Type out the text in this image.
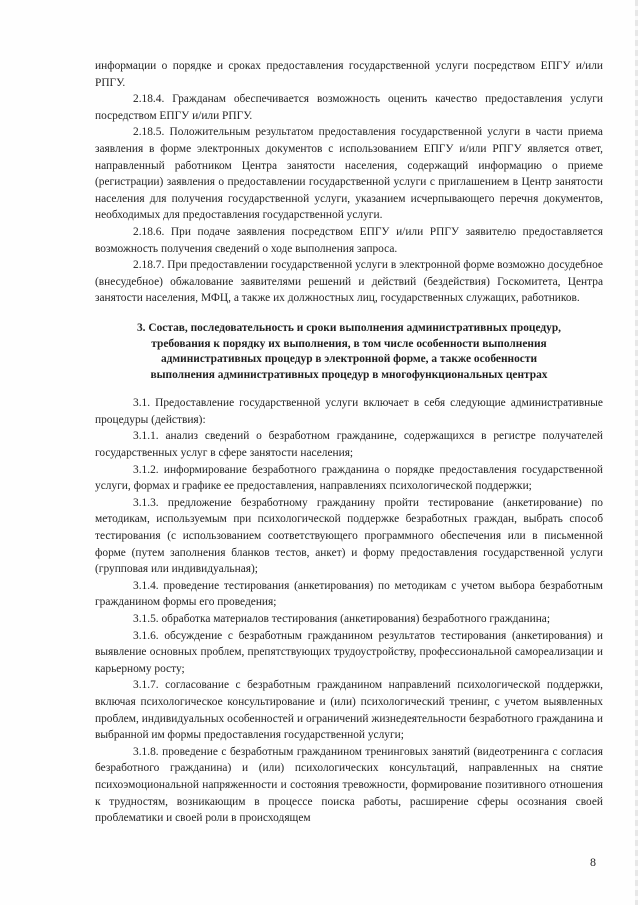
информации о порядке и сроках предоставления государственной услуги посредством ЕПГУ и/или РПГУ.

2.18.4. Гражданам обеспечивается возможность оценить качество предоставления услуги посредством ЕПГУ и/или РПГУ.

2.18.5. Положительным результатом предоставления государственной услуги в части приема заявления в форме электронных документов с использованием ЕПГУ и/или РПГУ является ответ, направленный работником Центра занятости населения, содержащий информацию о приеме (регистрации) заявления о предоставлении государственной услуги с приглашением в Центр занятости населения для получения государственной услуги, указанием исчерпывающего перечня документов, необходимых для предоставления государственной услуги.

2.18.6. При подаче заявления посредством ЕПГУ и/или РПГУ заявителю предоставляется возможность получения сведений о ходе выполнения запроса.

2.18.7. При предоставлении государственной услуги в электронной форме возможно досудебное (внесудебное) обжалование заявителями решений и действий (бездействия) Госкомитета, Центра занятости населения, МФЦ, а также их должностных лиц, государственных служащих, работников.

3. Состав, последовательность и сроки выполнения административных процедур,
требования к порядку их выполнения, в том числе особенности выполнения
административных процедур в электронной форме, а также особенности
выполнения административных процедур в многофункциональных центрах

3.1. Предоставление государственной услуги включает в себя следующие административные процедуры (действия):

3.1.1. анализ сведений о безработном гражданине, содержащихся в регистре получателей государственных услуг в сфере занятости населения;

3.1.2. информирование безработного гражданина о порядке предоставления государственной услуги, формах и графике ее предоставления, направлениях психологической поддержки;

3.1.3. предложение безработному гражданину пройти тестирование (анкетирование) по методикам, используемым при психологической поддержке безработных граждан, выбрать способ тестирования (с использованием соответствующего программного обеспечения или в письменной форме (путем заполнения бланков тестов, анкет) и форму предоставления государственной услуги (групповая или индивидуальная);

3.1.4. проведение тестирования (анкетирования) по методикам с учетом выбора безработным гражданином формы его проведения;

3.1.5. обработка материалов тестирования (анкетирования) безработного гражданина;

3.1.6. обсуждение с безработным гражданином результатов тестирования (анкетирования) и выявление основных проблем, препятствующих трудоустройству, профессиональной самореализации и карьерному росту;

3.1.7. согласование с безработным гражданином направлений психологической поддержки, включая психологическое консультирование и (или) психологический тренинг, с учетом выявленных проблем, индивидуальных особенностей и ограничений жизнедеятельности безработного гражданина и выбранной им формы предоставления государственной услуги;

3.1.8. проведение с безработным гражданином тренинговых занятий (видеотренинга с согласия безработного гражданина) и (или) психологических консультаций, направленных на снятие психоэмоциональной напряженности и состояния тревожности, формирование позитивного отношения к трудностям, возникающим в процессе поиска работы, расширение сферы осознания своей проблематики и своей роли в происходящем

8
